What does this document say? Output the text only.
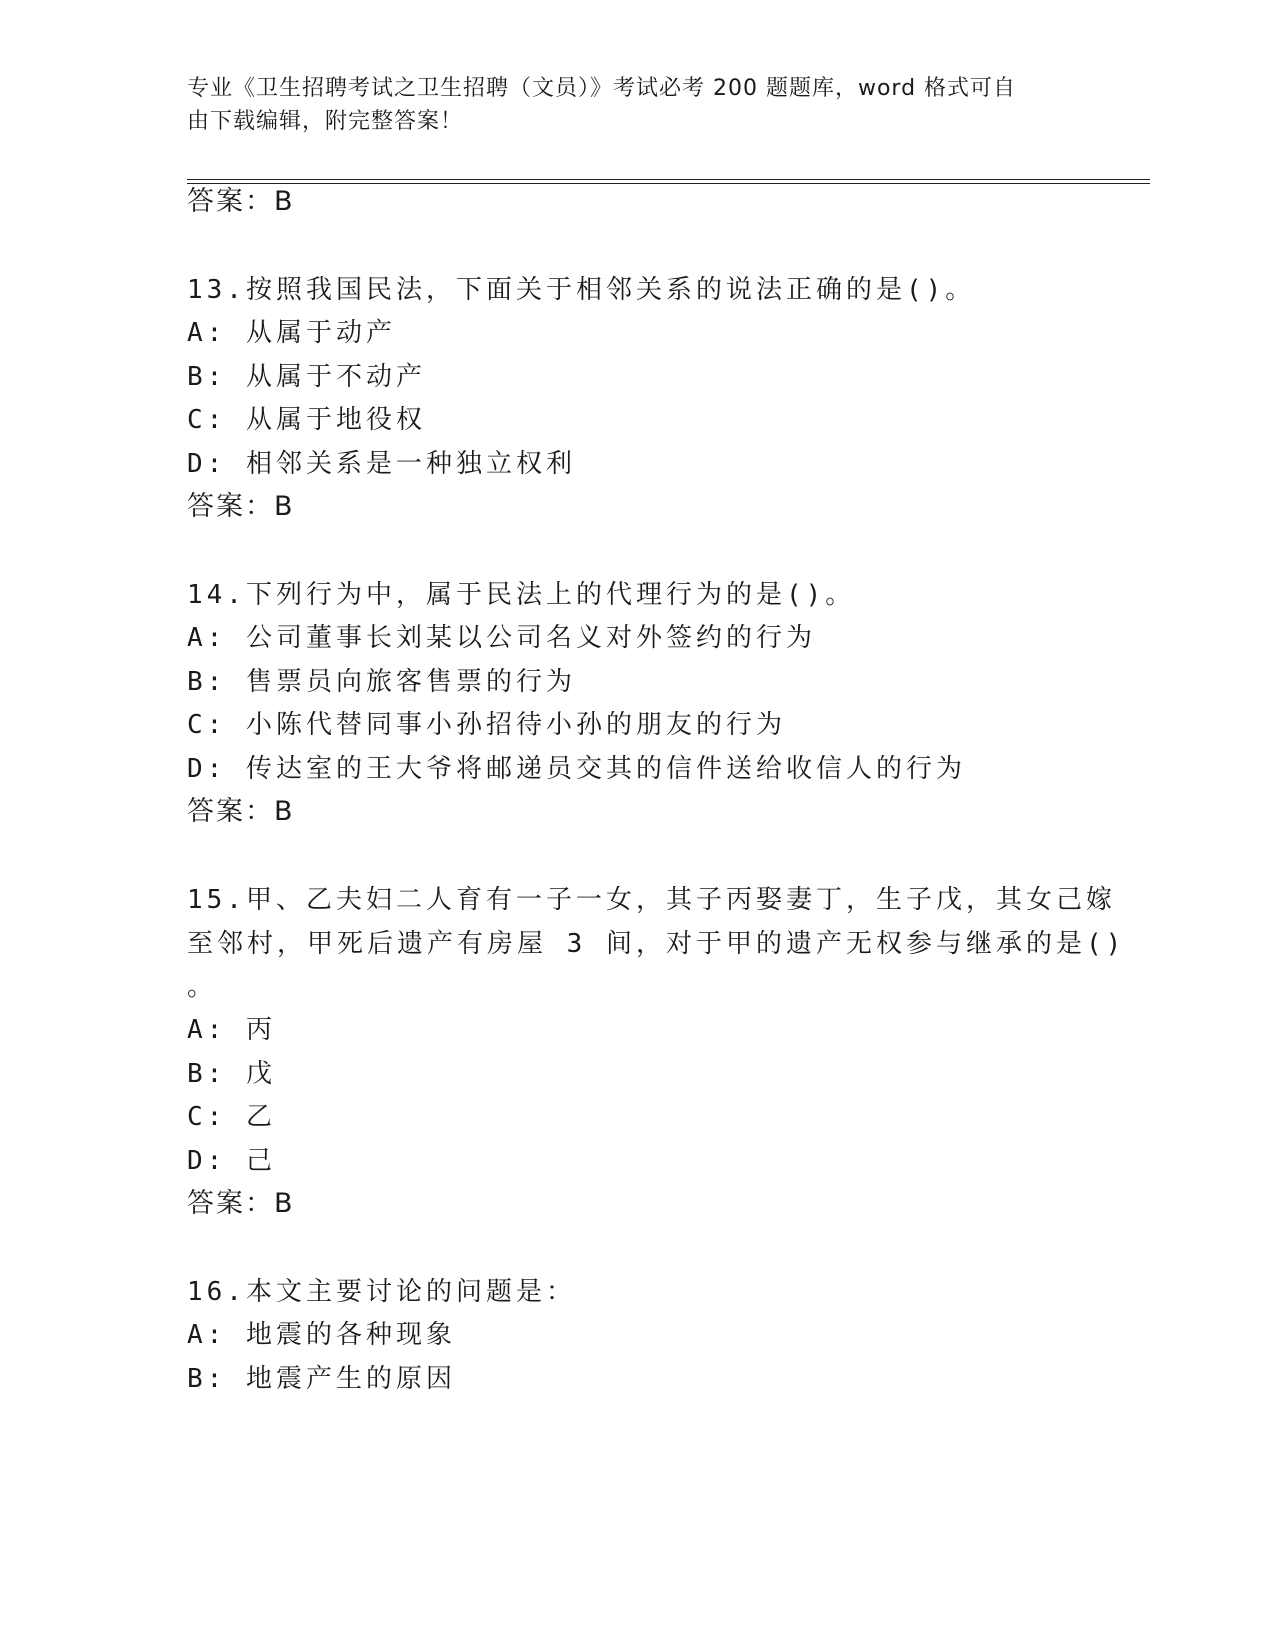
专业《卫生招聘考试之卫生招聘（文员）》考试必考 200 题题库，word 格式可自
由下载编辑，附完整答案！
答案：B
13.按照我国民法，下面关于相邻关系的说法正确的是()。
A: 从属于动产
B: 从属于不动产
C: 从属于地役权
D: 相邻关系是一种独立权利
答案：B
14.下列行为中，属于民法上的代理行为的是()。
A: 公司董事长刘某以公司名义对外签约的行为
B: 售票员向旅客售票的行为
C: 小陈代替同事小孙招待小孙的朋友的行为
D: 传达室的王大爷将邮递员交其的信件送给收信人的行为
答案：B
15.甲、乙夫妇二人育有一子一女，其子丙娶妻丁，生子戊，其女己嫁
至邻村，甲死后遗产有房屋 3 间，对于甲的遗产无权参与继承的是()
。
A: 丙
B: 戊
C: 乙
D: 己
答案：B
16.本文主要讨论的问题是：
A: 地震的各种现象
B: 地震产生的原因
